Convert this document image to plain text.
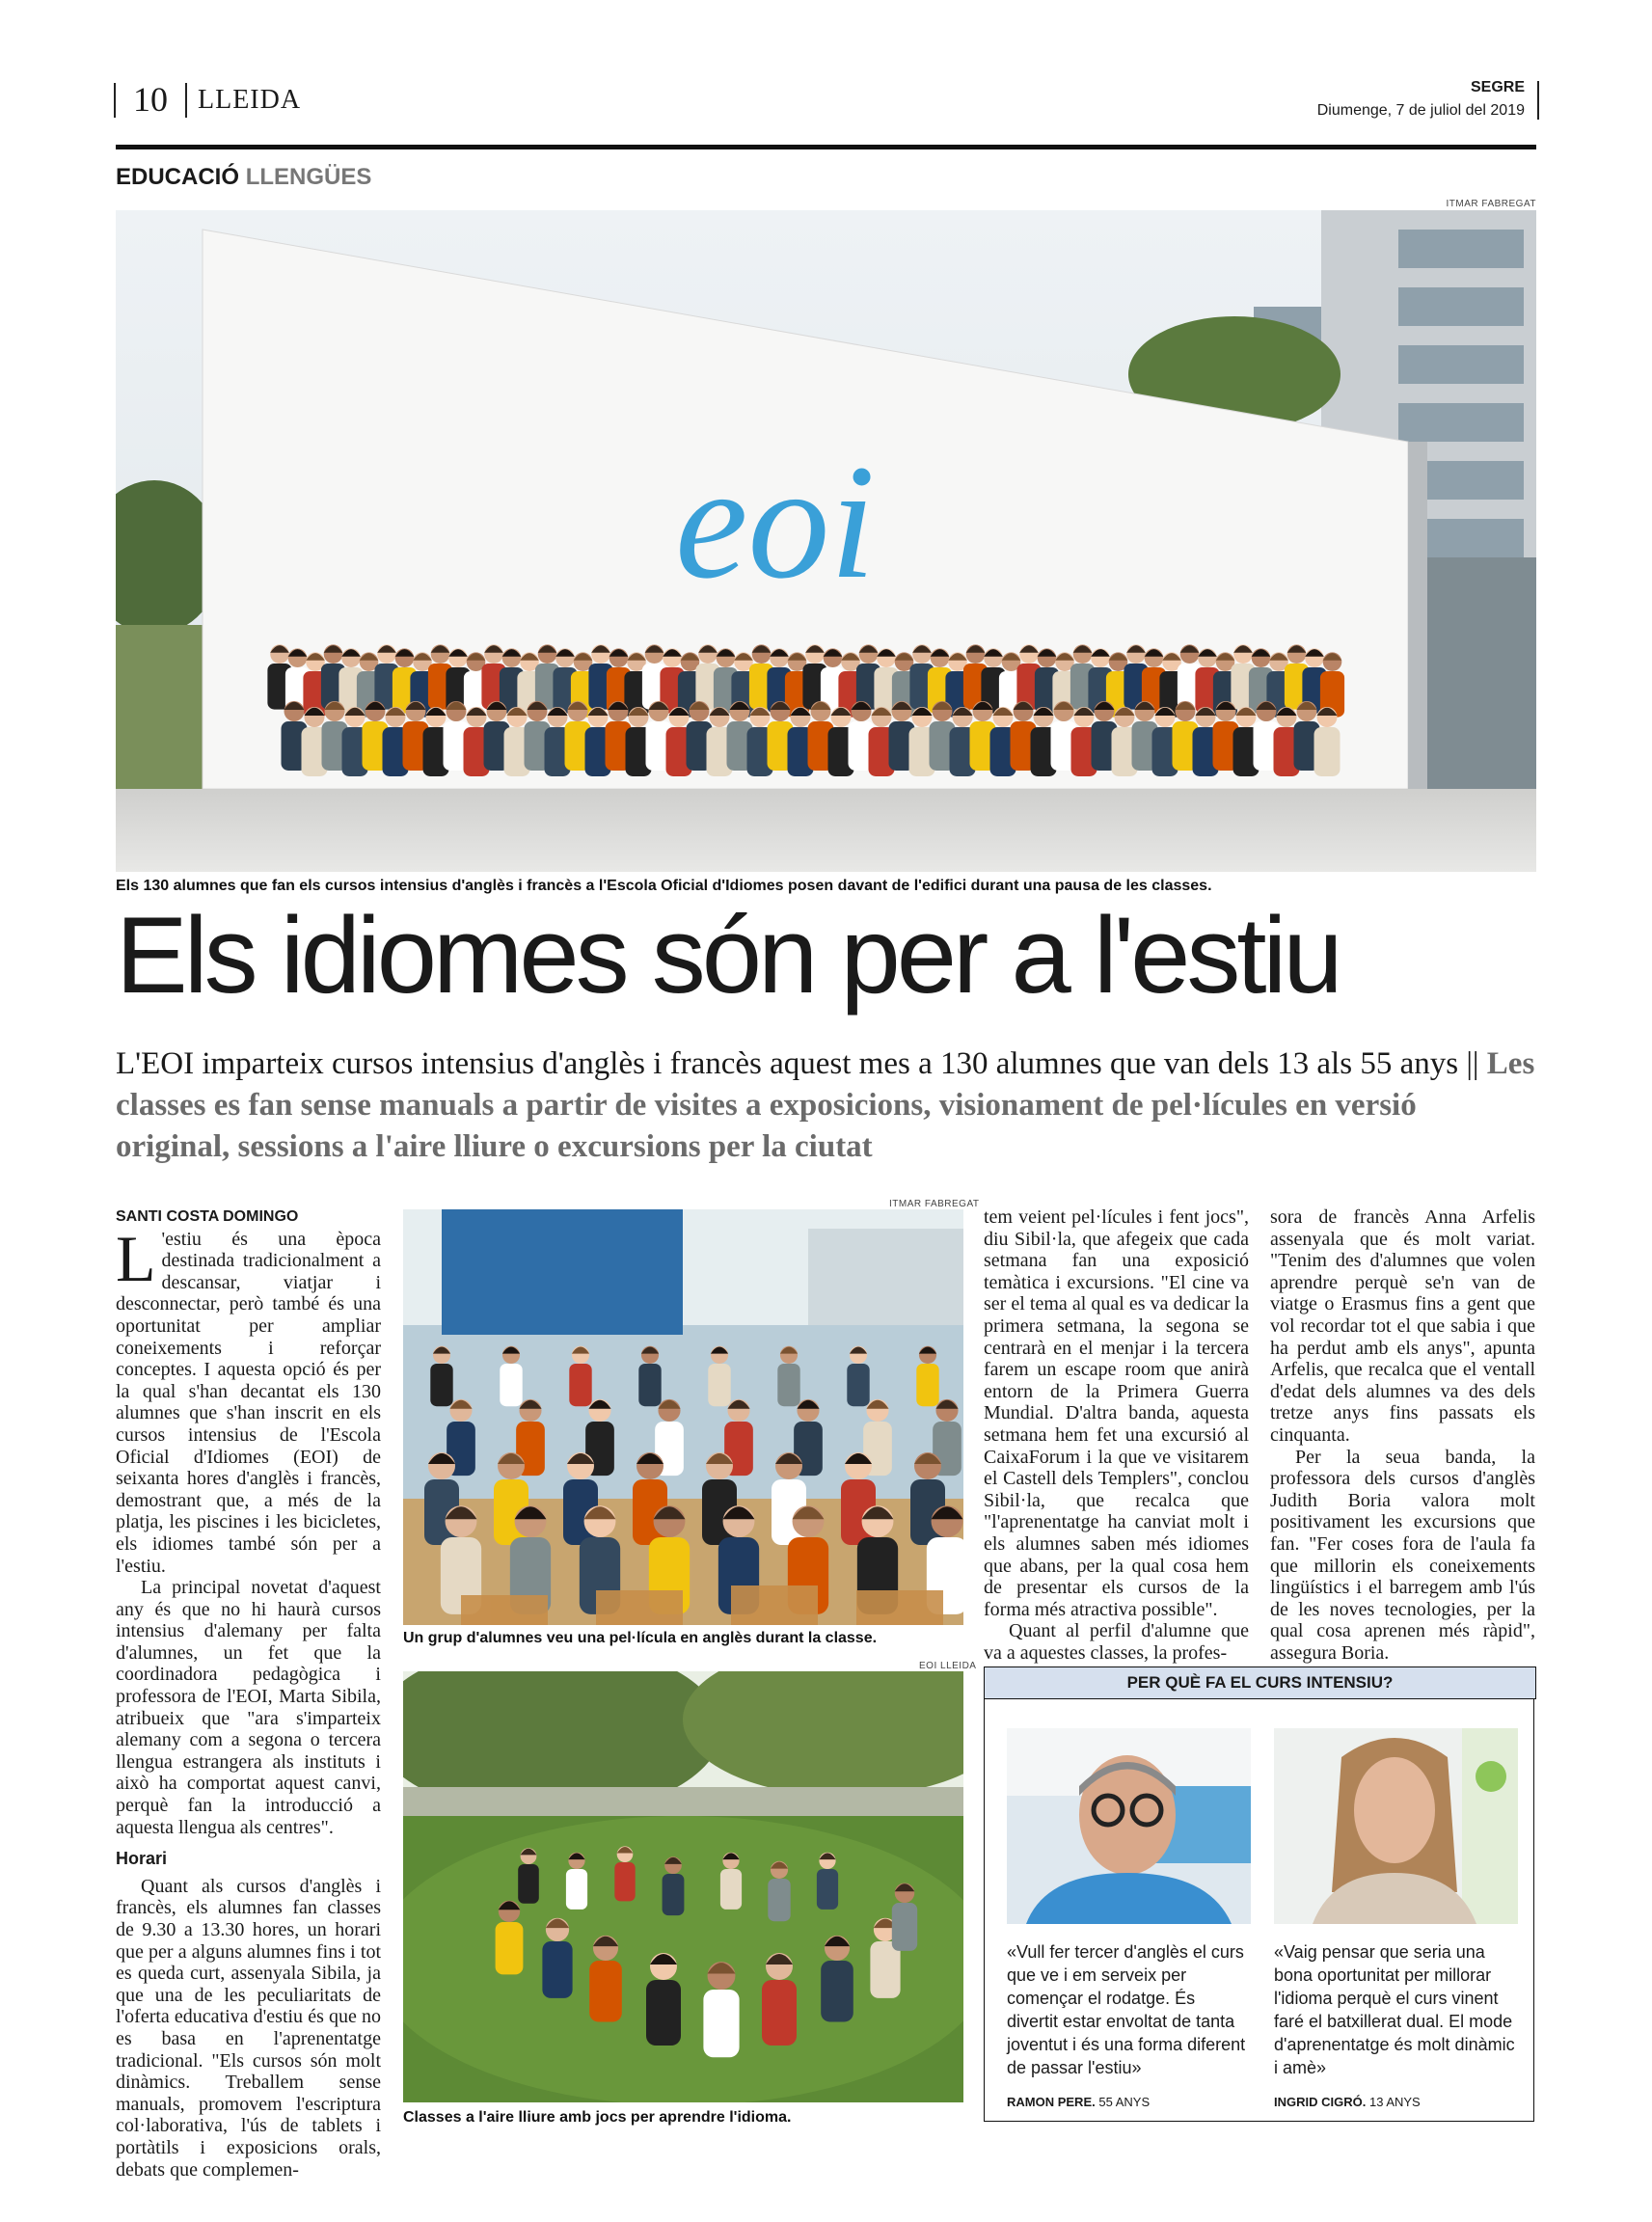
10 LLEIDA	SEGRE
Diumenge, 7 de juliol del 2019
EDUCACIÓ LLENGÜES
ITMAR FABREGAT
eoi
Els 130 alumnes que fan els cursos intensius d'anglès i francès a l'Escola Oficial d'Idiomes posen davant de l'edifici durant una pausa de les classes.
Els idiomes són per a l'estiu
L'EOI imparteix cursos intensius d'anglès i francès aquest mes a 130 alumnes que van dels 13 als 55 anys || Les classes es fan sense manuals a partir de visites a exposicions, visionament de pel·lícules en versió original, sessions a l'aire lliure o excursions per la ciutat
SANTI COSTA DOMINGO

L 'estiu és una època destinada tradicionalment a descansar, viatjar i desconnectar, però també és una oportunitat per ampliar coneixements i reforçar conceptes. I aquesta opció és per la qual s'han decantat els 130 alumnes que s'han inscrit en els cursos intensius de l'Escola Oficial d'Idiomes (EOI) de seixanta hores d'anglès i francès, demostrant que, a més de la platja, les piscines i les bicicletes, els idiomes també són per a l'estiu.

La principal novetat d'aquest any és que no hi haurà cursos intensius d'alemany per falta d'alumnes, un fet que la coordinadora pedagògica i professora de l'EOI, Marta Sibila, atribueix que "ara s'imparteix alemany com a segona o tercera llengua estrangera als instituts i això ha comportat aquest canvi, perquè fan la introducció a aquesta llengua als centres".

Horari

Quant als cursos d'anglès i francès, els alumnes fan classes de 9.30 a 13.30 hores, un horari que per a alguns alumnes fins i tot es queda curt, assenyala Sibila, ja que una de les peculiaritats de l'oferta educativa d'estiu és que no es basa en l'aprenentatge tradicional. "Els cursos són molt dinàmics. Treballem sense manuals, promovem l'escriptura col·laborativa, l'ús de tablets i portàtils i exposicions orals, debats que complemen-

ITMAR FABREGAT
Un grup d'alumnes veu una pel·lícula en anglès durant la classe.
EOI LLEIDA
Classes a l'aire lliure amb jocs per aprendre l'idioma.

tem veient pel·lícules i fent jocs", diu Sibil·la, que afegeix que cada setmana fan una exposició temàtica i excursions. "El cine va ser el tema al qual es va dedicar la primera setmana, la segona se centrarà en el menjar i la tercera farem un escape room que anirà entorn de la Primera Guerra Mundial. D'altra banda, aquesta setmana hem fet una excursió al CaixaForum i la que ve visitarem el Castell dels Templers", conclou Sibil·la, que recalca que "l'aprenentatge ha canviat molt i els alumnes saben més idiomes que abans, per la qual cosa hem de presentar els cursos de la forma més atractiva possible".

Quant al perfil d'alumne que va a aquestes classes, la profes-

sora de francès Anna Arfelis assenyala que és molt variat. "Tenim des d'alumnes que volen aprendre perquè se'n van de viatge o Erasmus fins a gent que vol recordar tot el que sabia i que ha perdut amb els anys", apunta Arfelis, que recalca que el ventall d'edat dels alumnes va des dels tretze anys fins passats els cinquanta.

Per la seua banda, la professora dels cursos d'anglès Judith Boria valora molt positivament les excursions que fan. "Fer coses fora de l'aula fa que millorin els coneixements lingüístics i el barregem amb l'ús de les noves tecnologies, per la qual cosa aprenen més ràpid", assegura Boria.

PER QUÈ FA EL CURS INTENSIU?
«Vull fer tercer d'anglès el curs que ve i em serveix per començar el rodatge. És divertit estar envoltat de tanta joventut i és una forma diferent de passar l'estiu»
RAMON PERE. 55 ANYS
«Vaig pensar que seria una bona oportunitat per millorar l'idioma perquè el curs vinent faré el batxillerat dual. El mode d'aprenentatge és molt dinàmic i amè»
INGRID CIGRÓ. 13 ANYS
